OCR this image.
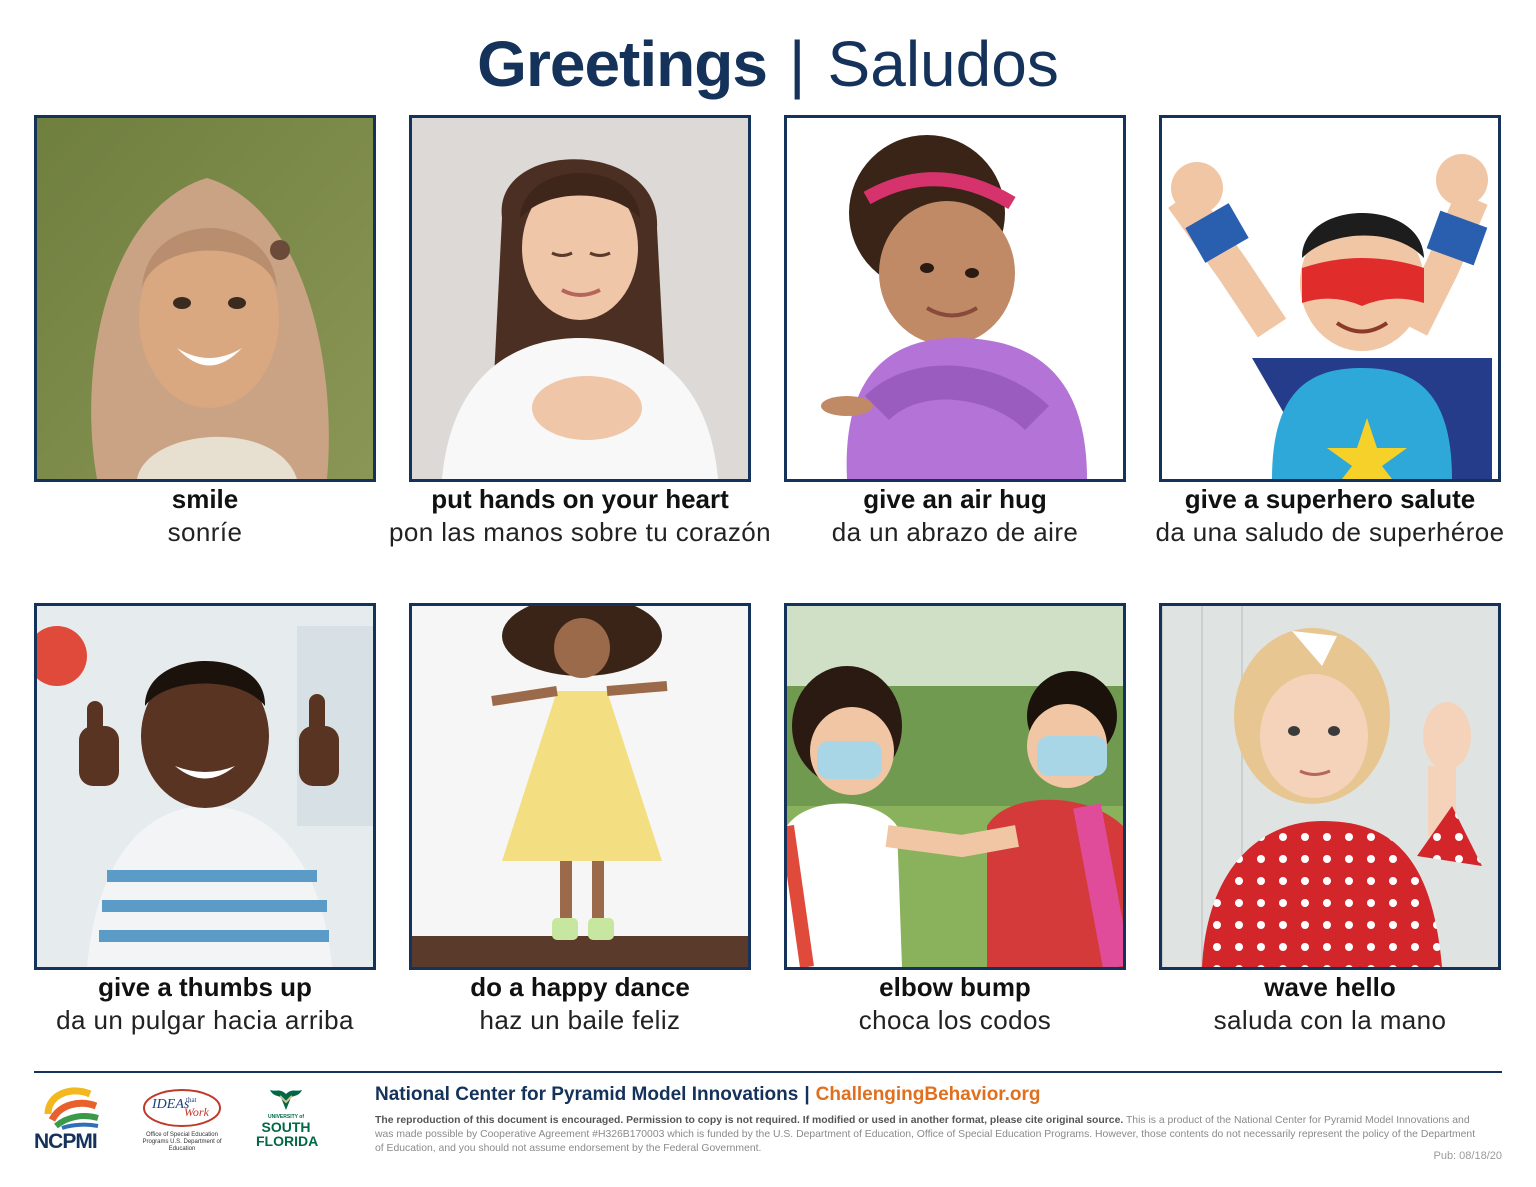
Greetings | Saludos
smile
sonríe
put hands on your heart
pon las manos sobre tu corazón
give an air hug
da un abrazo de aire
give a superhero salute
da una saludo de superhéroe
give a thumbs up
da un pulgar hacia arriba
do a happy dance
haz un baile feliz
elbow bump
choca los codos
wave hello
saluda con la mano
NCPMI
IDEAs
that
Work
Office of Special Education Programs U.S. Department of Education
UNIVERSITY of
SOUTH
FLORIDA
National Center for Pyramid Model Innovations | ChallengingBehavior.org
The reproduction of this document is encouraged. Permission to copy is not required. If modified or used in another format, please cite original source. This is a product of the National Center for Pyramid Model Innovations and was made possible by Cooperative Agreement #H326B170003 which is funded by the U.S. Department of Education, Office of Special Education Programs. However, those contents do not necessarily represent the policy of the Department of Education, and you should not assume endorsement by the Federal Government.
Pub: 08/18/20
